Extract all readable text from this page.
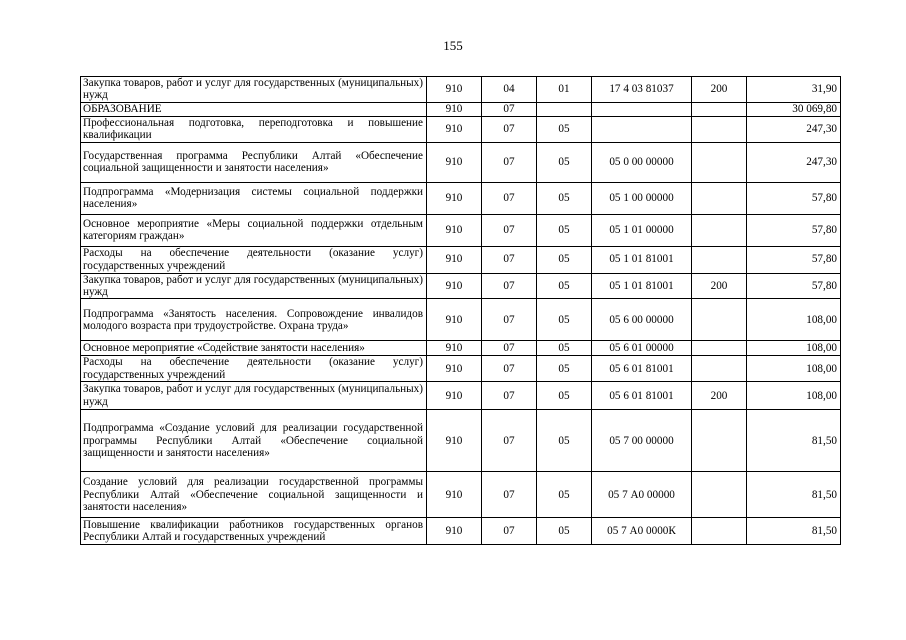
155
Закупка товаров, работ и услуг для государственных (муниципальных) нужд	910	04	01	17 4 03 81037	200	31,90
ОБРАЗОВАНИЕ	910	07				30 069,80
Профессиональная подготовка, переподготовка и повышение квалификации	910	07	05			247,30
Государственная программа Республики Алтай «Обеспечение социальной защищенности и занятости населения»	910	07	05	05 0 00 00000		247,30
Подпрограмма «Модернизация системы социальной поддержки населения»	910	07	05	05 1 00 00000		57,80
Основное мероприятие «Меры социальной поддержки отдельным категориям граждан»	910	07	05	05 1 01 00000		57,80
Расходы на обеспечение деятельности (оказание услуг) государственных учреждений	910	07	05	05 1 01 81001		57,80
Закупка товаров, работ и услуг для государственных (муниципальных) нужд	910	07	05	05 1 01 81001	200	57,80
Подпрограмма «Занятость населения. Сопровождение инвалидов молодого возраста при трудоустройстве. Охрана труда»	910	07	05	05 6 00 00000		108,00
Основное мероприятие «Содействие занятости населения»	910	07	05	05 6 01 00000		108,00
Расходы на обеспечение деятельности (оказание услуг) государственных учреждений	910	07	05	05 6 01 81001		108,00
Закупка товаров, работ и услуг для государственных (муниципальных) нужд	910	07	05	05 6 01 81001	200	108,00
Подпрограмма «Создание условий для реализации государственной программы Республики Алтай «Обеспечение социальной защищенности и занятости населения»	910	07	05	05 7 00 00000		81,50
Создание условий для реализации государственной программы Республики Алтай «Обеспечение социальной защищенности и занятости населения»	910	07	05	05 7 А0 00000		81,50
Повышение квалификации работников государственных органов Республики Алтай и государственных учреждений	910	07	05	05 7 А0 0000К		81,50
